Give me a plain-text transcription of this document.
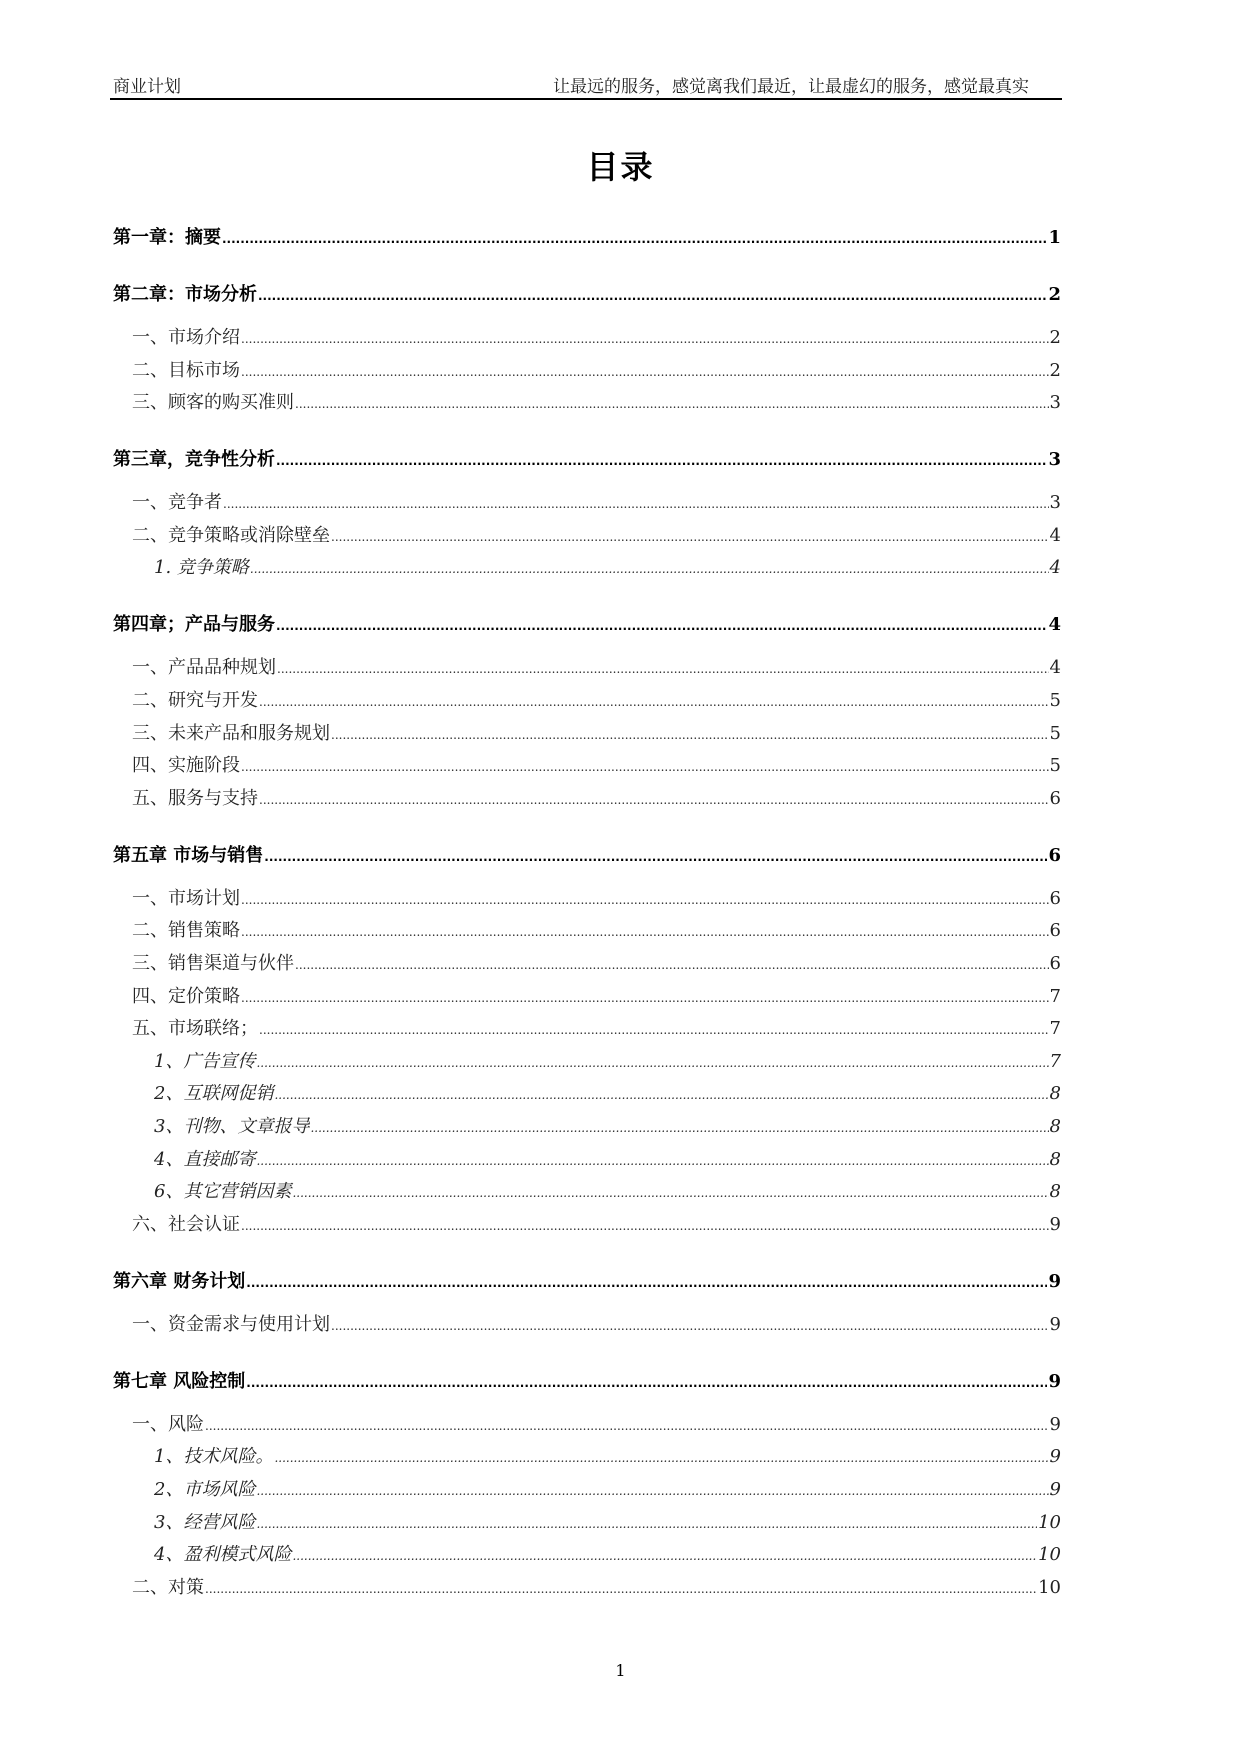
商业计划	让最远的服务，感觉离我们最近，让最虚幻的服务，感觉最真实
目录
第一章：摘要 .....	1
第二章：市场分析 .....	2
一、市场介绍 .....	2
二、目标市场 .....	2
三、顾客的购买准则 .....	3
第三章，竞争性分析 .....	3
一、竞争者 .....	3
二、竞争策略或消除壁垒 .....	4
1. 竞争策略 .....	4
第四章；产品与服务 .....	4
一、产品品种规划 .....	4
二、研究与开发 .....	5
三、未来产品和服务规划 .....	5
四、实施阶段 .....	5
五、服务与支持 .....	6
第五章 市场与销售 .....	6
一、市场计划 .....	6
二、销售策略 .....	6
三、销售渠道与伙伴 .....	6
四、定价策略 .....	7
五、市场联络； .....	7
1、广告宣传 .....	7
2、互联网促销 .....	8
3、刊物、文章报导 .....	8
4、直接邮寄 .....	8
6、其它营销因素 .....	8
六、社会认证 .....	9
第六章 财务计划 .....	9
一、资金需求与使用计划 .....	9
第七章 风险控制 .....	9
一、风险 .....	9
1、技术风险。 .....	9
2、市场风险 .....	9
3、经营风险 .....	10
4、盈利模式风险 .....	10
二、对策 .....	10
1
